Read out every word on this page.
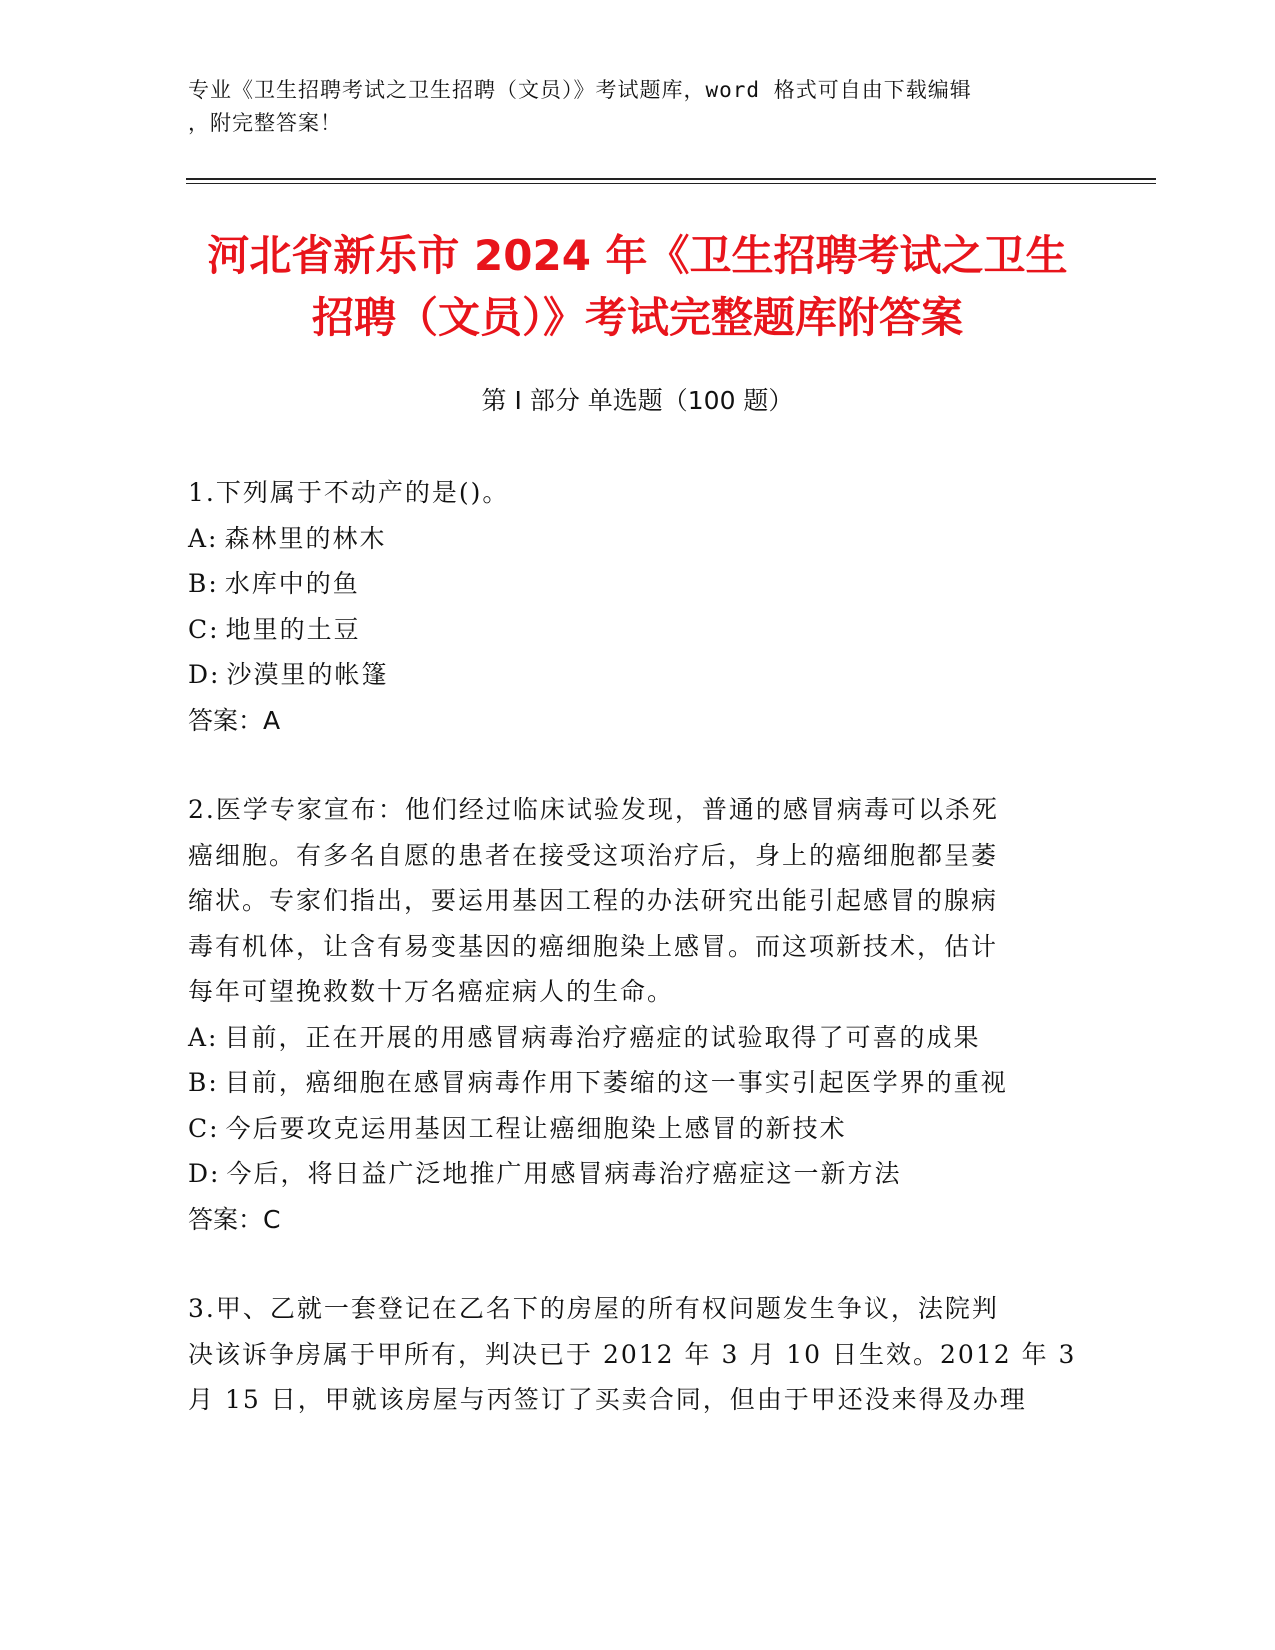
专业《卫生招聘考试之卫生招聘（文员）》考试题库，word 格式可自由下载编辑
，附完整答案！
河北省新乐市 2024 年《卫生招聘考试之卫生
招聘（文员）》考试完整题库附答案
第 I 部分 单选题（100 题）
1.下列属于不动产的是()。
A: 森林里的林木
B: 水库中的鱼
C: 地里的土豆
D: 沙漠里的帐篷
答案：A
2.医学专家宣布：他们经过临床试验发现，普通的感冒病毒可以杀死
癌细胞。有多名自愿的患者在接受这项治疗后，身上的癌细胞都呈萎
缩状。专家们指出，要运用基因工程的办法研究出能引起感冒的腺病
毒有机体，让含有易变基因的癌细胞染上感冒。而这项新技术，估计
每年可望挽救数十万名癌症病人的生命。
A: 目前，正在开展的用感冒病毒治疗癌症的试验取得了可喜的成果
B: 目前，癌细胞在感冒病毒作用下萎缩的这一事实引起医学界的重视
C: 今后要攻克运用基因工程让癌细胞染上感冒的新技术
D: 今后，将日益广泛地推广用感冒病毒治疗癌症这一新方法
答案：C
3.甲、乙就一套登记在乙名下的房屋的所有权问题发生争议，法院判
决该诉争房属于甲所有，判决已于 2012 年 3 月 10 日生效。2012 年 3
月 15 日，甲就该房屋与丙签订了买卖合同，但由于甲还没来得及办理
